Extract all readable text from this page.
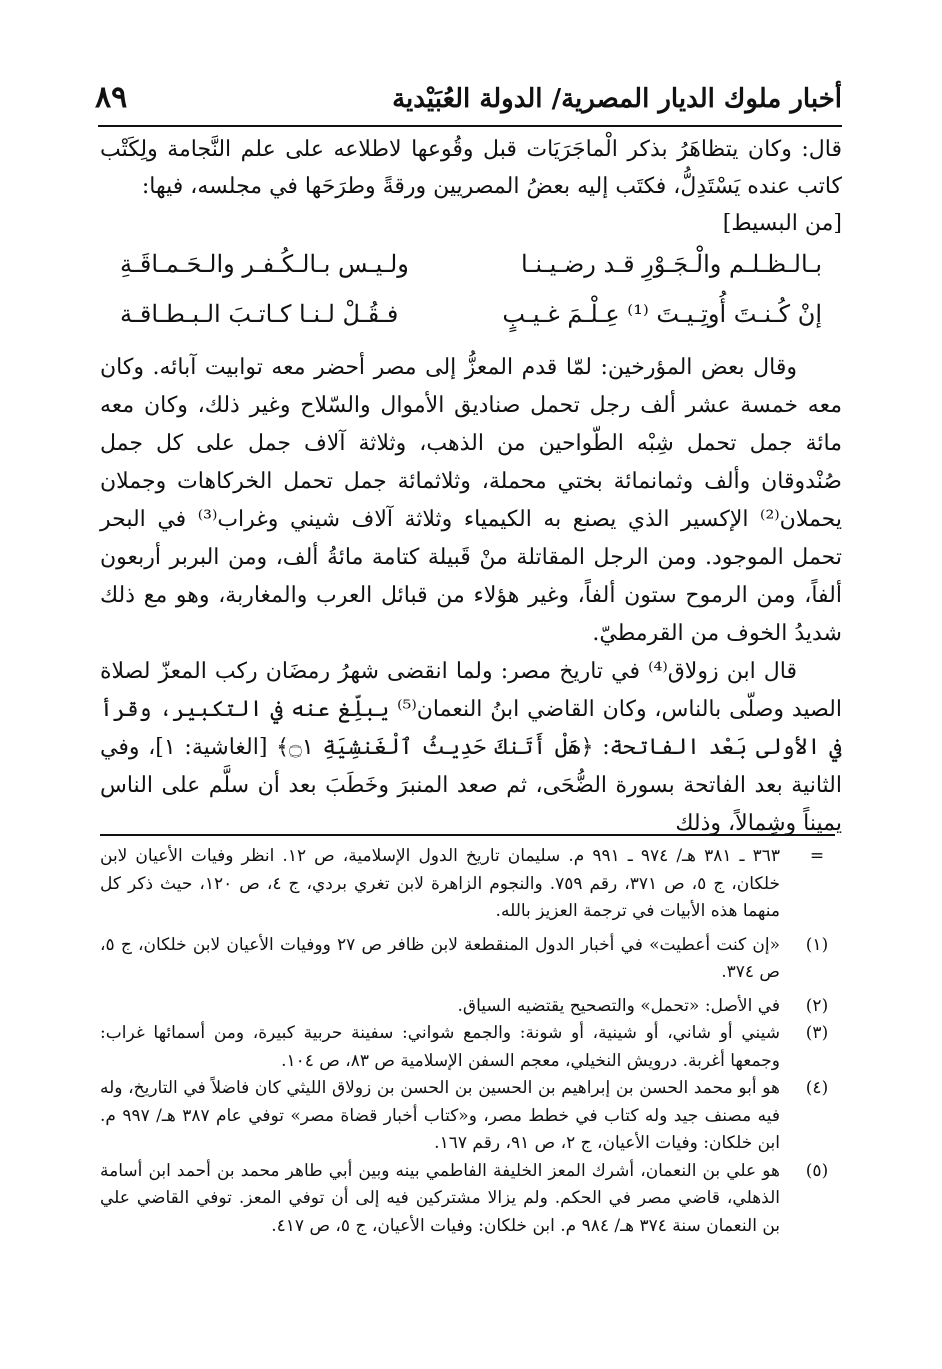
أخبار ملوك الديار المصرية/ الدولة العُبَيْدية
٨٩

قال: وكان يتظاهَرُ بذكر الْماجَرَيَات قبل وقُوعها لاطلاعه على علم النَّجامة ولِكَتْب كاتب عنده يَسْتَدِلُّ، فكتَب إليه بعضُ المصريين ورقةً وطرَحَها في مجلسه، فيها:

[من البسيط]

بـالـظـلـم والْـجَـوْرِ قـد رضـيـنـا
ولـيـس بـالـكُـفـر والـحَـمـاقَـةِ
إنْ كُـنـتَ أُوتِـيـتَ ⁽¹⁾ عِـلْـمَ غـيـبٍ
فـقُـلْ لـنـا كـاتـبَ الـبـطـاقـة

وقال بعض المؤرخين: لمّا قدم المعزُّ إلى مصر أحضر معه توابيت آبائه. وكان معه خمسة عشر ألف رجل تحمل صناديق الأموال والسّلاح وغير ذلك، وكان معه مائة جمل تحمل شِبْه الطّواحين من الذهب، وثلاثة آلاف جمل على كل جمل صُنْدوقان وألف وثمانمائة بختي محملة، وثلاثمائة جمل تحمل الخركاهات وجملان يحملان⁽²⁾ الإكسير الذي يصنع به الكيمياء وثلاثة آلاف شيني وغراب⁽³⁾ في البحر تحمل الموجود. ومن الرجل المقاتلة منْ قَبيلة كتامة مائةُ ألف، ومن البربر أربعون ألفاً، ومن الرموح ستون ألفاً، وغير هؤلاء من قبائل العرب والمغاربة، وهو مع ذلك شديدُ الخوف من القرمطيّ.

قال ابن زولاق⁽⁴⁾ في تاريخ مصر: ولما انقضى شهرُ رمضَان ركب المعزّ لصلاة الصيد وصلّى بالناس، وكان القاضي ابنُ النعمان⁽⁵⁾ يبلِّغ عنه في التكبير، وقرأ في الأولى بَعْد الفاتحة: ﴿هَلْ أَتَنكَ حَدِيثُ ٱلْغَنشِيَةِ ۝١﴾ [الغاشية: ١]، وفي الثانية بعد الفاتحة بسورة الضُّحَى، ثم صعد المنبرَ وخَطَبَ بعد أن سلَّم على الناس يميناً وشِمالاً، وذلك

=
٣٦٣ ـ ٣٨١ هـ/ ٩٧٤ ـ ٩٩١ م. سليمان تاريخ الدول الإسلامية، ص ١٢. انظر وفيات الأعيان لابن خلكان، ج ٥، ص ٣٧١، رقم ٧٥٩. والنجوم الزاهرة لابن تغري بردي، ج ٤، ص ١٢٠، حيث ذكر كل منهما هذه الأبيات في ترجمة العزيز بالله.

(١)
«إن كنت أعطيت» في أخبار الدول المنقطعة لابن ظافر ص ٢٧ ووفيات الأعيان لابن خلكان، ج ٥، ص ٣٧٤.

(٢)
في الأصل: «تحمل» والتصحيح يقتضيه السياق.

(٣)
شيني أو شاني، أو شينية، أو شونة: والجمع شواني: سفينة حربية كبيرة، ومن أسمائها غراب: وجمعها أغربة. درويش النخيلي، معجم السفن الإسلامية ص ٨٣، ص ١٠٤.

(٤)
هو أبو محمد الحسن بن إبراهيم بن الحسين بن الحسن بن زولاق الليثي كان فاضلاً في التاريخ، وله فيه مصنف جيد وله كتاب في خطط مصر، و«كتاب أخبار قضاة مصر» توفي عام ٣٨٧ هـ/ ٩٩٧ م. ابن خلكان: وفيات الأعيان، ج ٢، ص ٩١، رقم ١٦٧.

(٥)
هو علي بن النعمان، أشرك المعز الخليفة الفاطمي بينه وبين أبي طاهر محمد بن أحمد ابن أسامة الذهلي، قاضي مصر في الحكم. ولم يزالا مشتركين فيه إلى أن توفي المعز. توفي القاضي علي بن النعمان سنة ٣٧٤ هـ/ ٩٨٤ م. ابن خلكان: وفيات الأعيان، ج ٥، ص ٤١٧.
